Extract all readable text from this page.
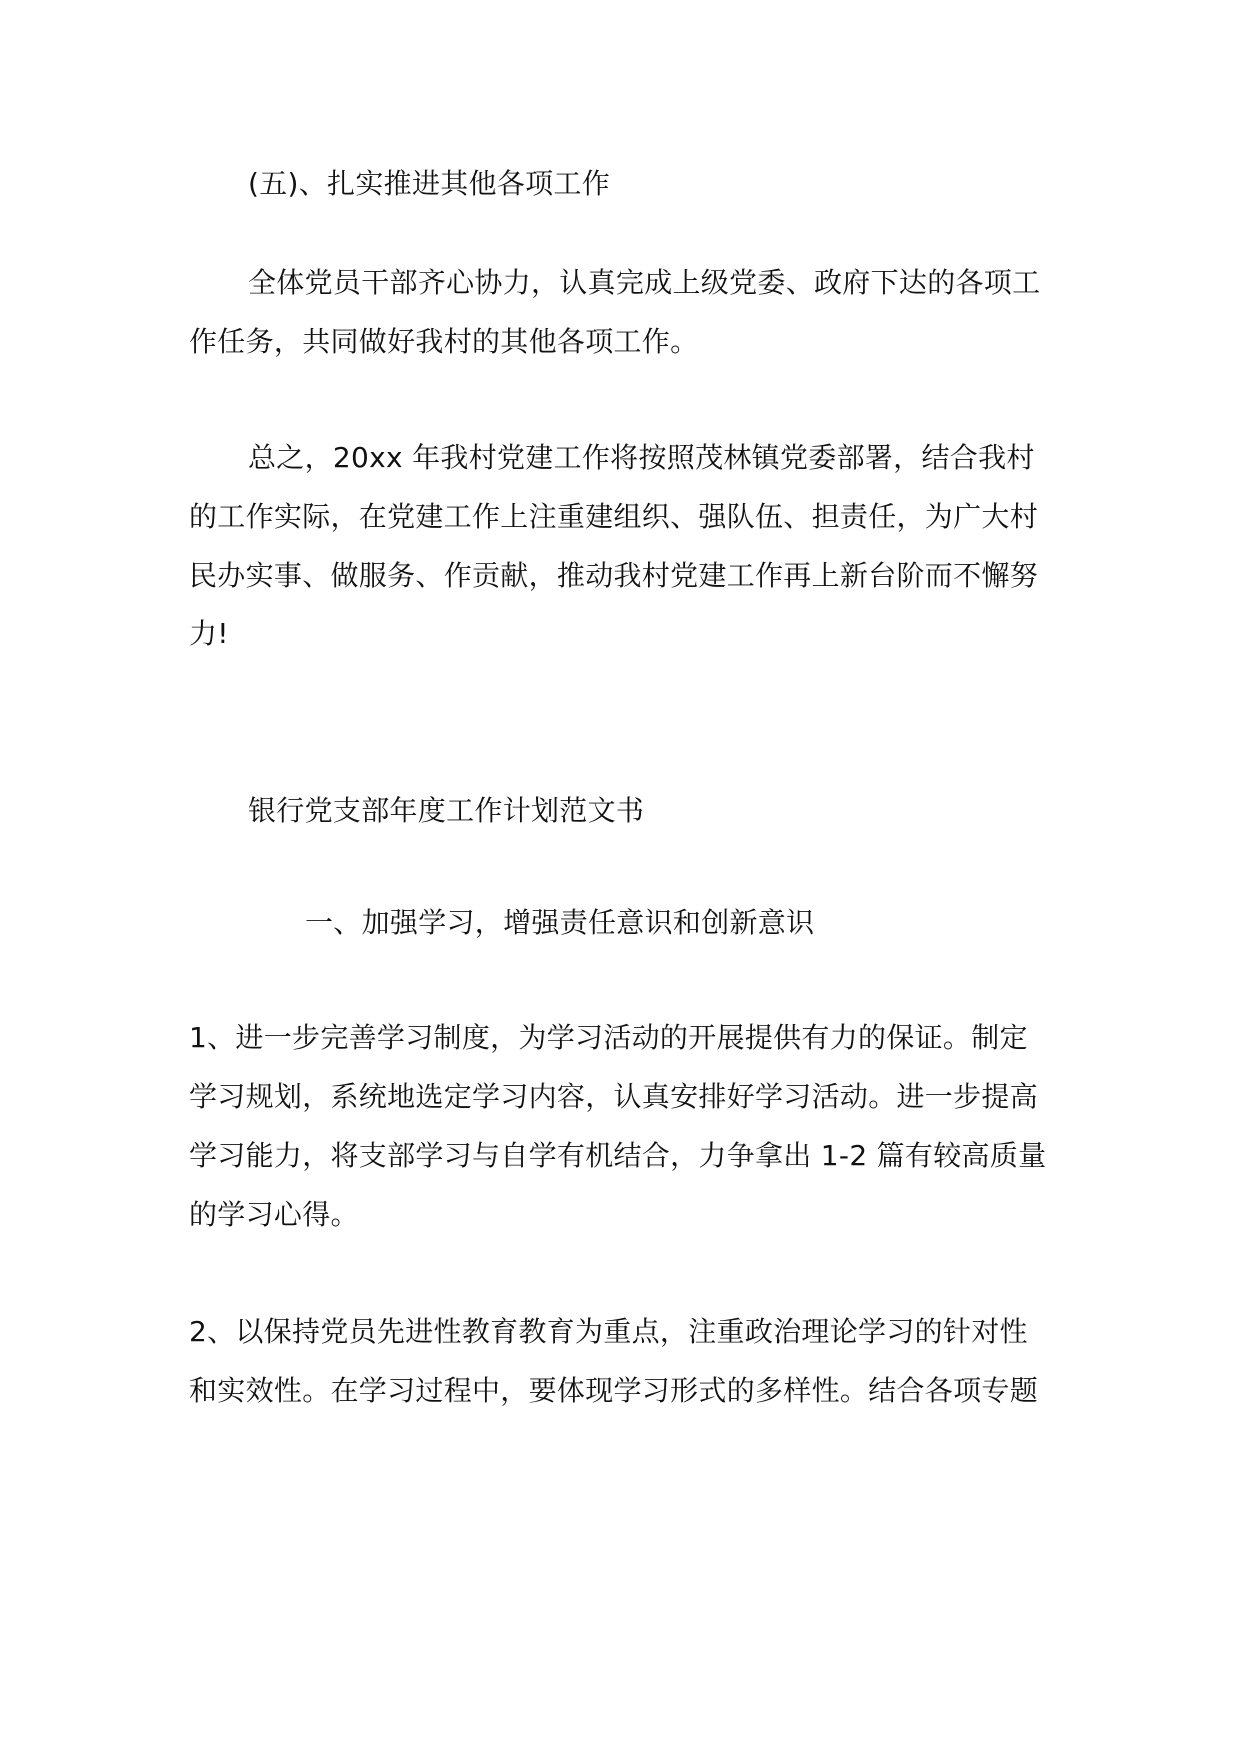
(五)、扎实推进其他各项工作

全体党员干部齐心协力，认真完成上级党委、政府下达的各项工

作任务，共同做好我村的其他各项工作。

总之，20xx 年我村党建工作将按照茂林镇党委部署，结合我村

的工作实际，在党建工作上注重建组织、强队伍、担责任，为广大村

民办实事、做服务、作贡献，推动我村党建工作再上新台阶而不懈努

力!

银行党支部年度工作计划范文书

一、加强学习，增强责任意识和创新意识

1、进一步完善学习制度，为学习活动的开展提供有力的保证。制定

学习规划，系统地选定学习内容，认真安排好学习活动。进一步提高

学习能力，将支部学习与自学有机结合，力争拿出 1-2 篇有较高质量

的学习心得。

2、以保持党员先进性教育教育为重点，注重政治理论学习的针对性

和实效性。在学习过程中，要体现学习形式的多样性。结合各项专题
